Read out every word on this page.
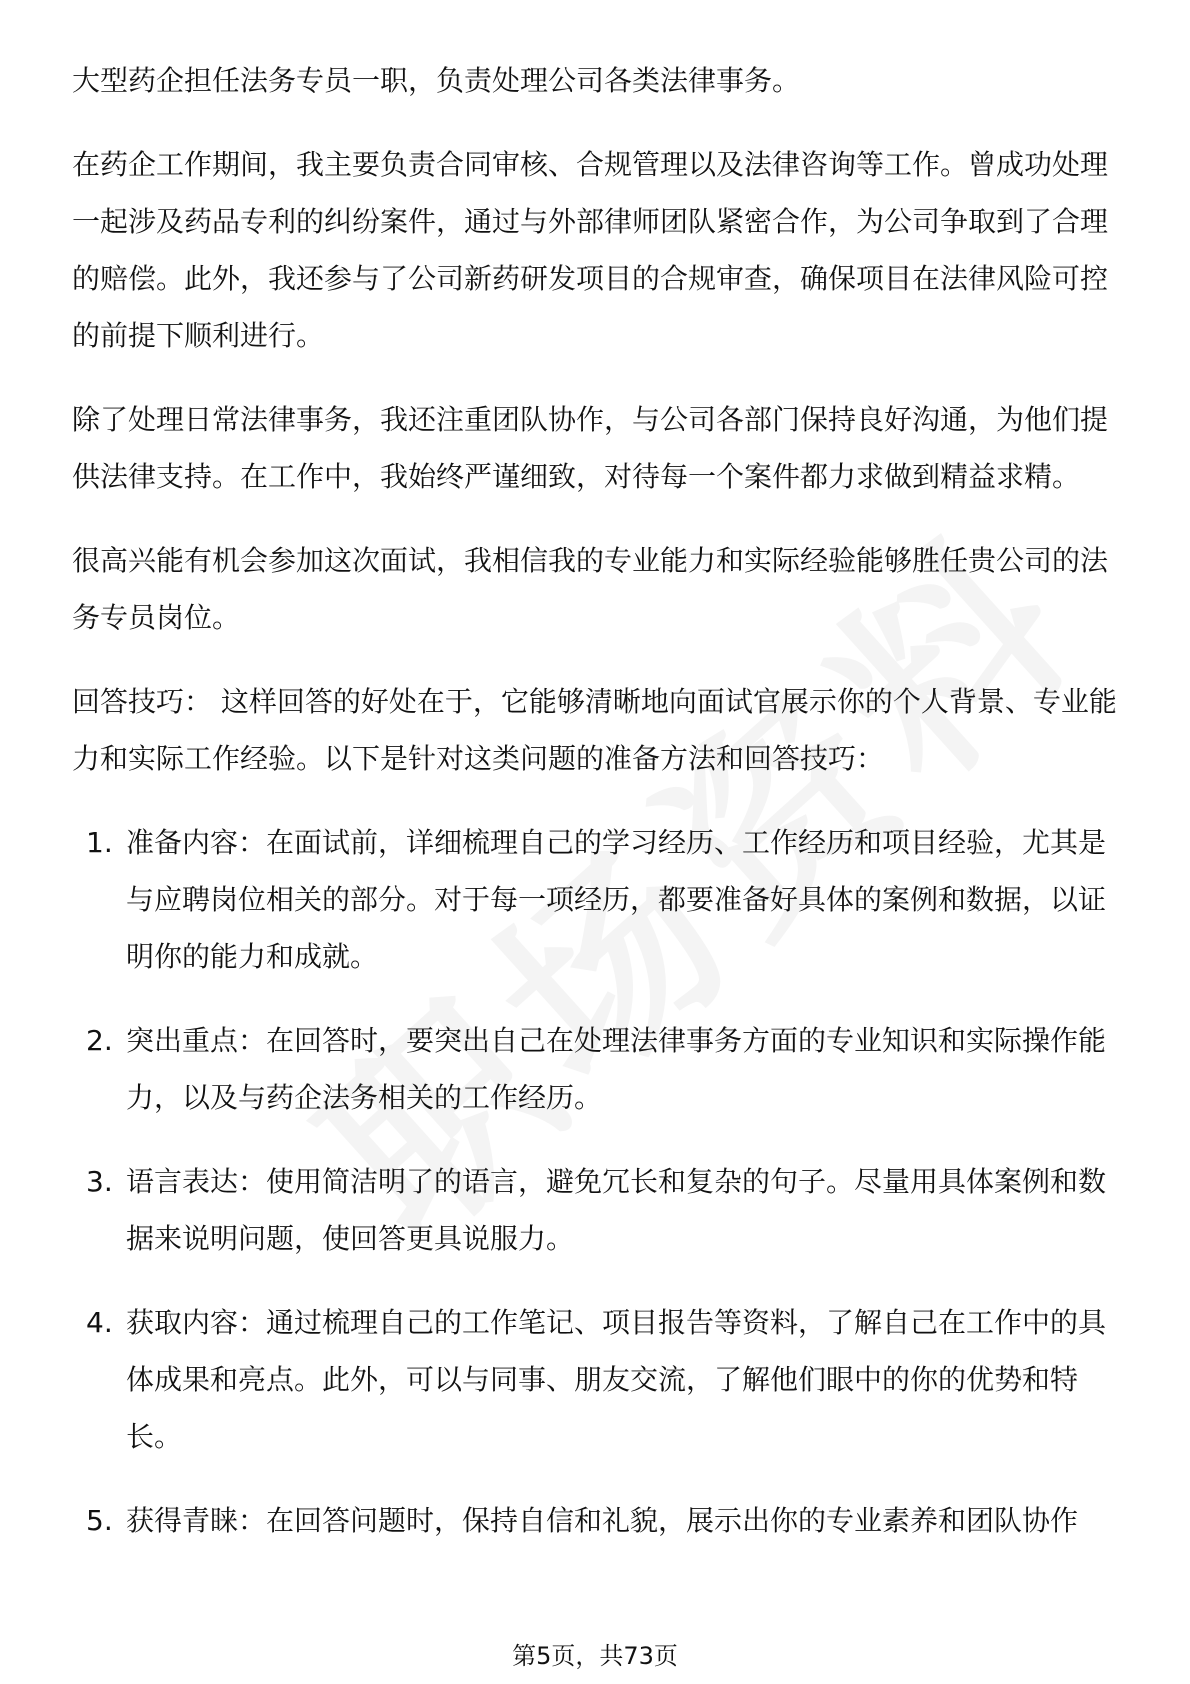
大型药企担任法务专员一职，负责处理公司各类法律事务。

在药企工作期间，我主要负责合同审核、合规管理以及法律咨询等工作。曾成功处理一起涉及药品专利的纠纷案件，通过与外部律师团队紧密合作，为公司争取到了合理的赔偿。此外，我还参与了公司新药研发项目的合规审查，确保项目在法律风险可控的前提下顺利进行。

除了处理日常法律事务，我还注重团队协作，与公司各部门保持良好沟通，为他们提供法律支持。在工作中，我始终严谨细致，对待每一个案件都力求做到精益求精。

很高兴能有机会参加这次面试，我相信我的专业能力和实际经验能够胜任贵公司的法务专员岗位。

回答技巧： 这样回答的好处在于，它能够清晰地向面试官展示你的个人背景、专业能力和实际工作经验。以下是针对这类问题的准备方法和回答技巧：

1. 准备内容：在面试前，详细梳理自己的学习经历、工作经历和项目经验，尤其是与应聘岗位相关的部分。对于每一项经历，都要准备好具体的案例和数据，以证明你的能力和成就。
2. 突出重点：在回答时，要突出自己在处理法律事务方面的专业知识和实际操作能力，以及与药企法务相关的工作经历。
3. 语言表达：使用简洁明了的语言，避免冗长和复杂的句子。尽量用具体案例和数据来说明问题，使回答更具说服力。
4. 获取内容：通过梳理自己的工作笔记、项目报告等资料，了解自己在工作中的具体成果和亮点。此外，可以与同事、朋友交流，了解他们眼中的你的优势和特长。
5. 获得青睐：在回答问题时，保持自信和礼貌，展示出你的专业素养和团队协作
第5页，共73页
